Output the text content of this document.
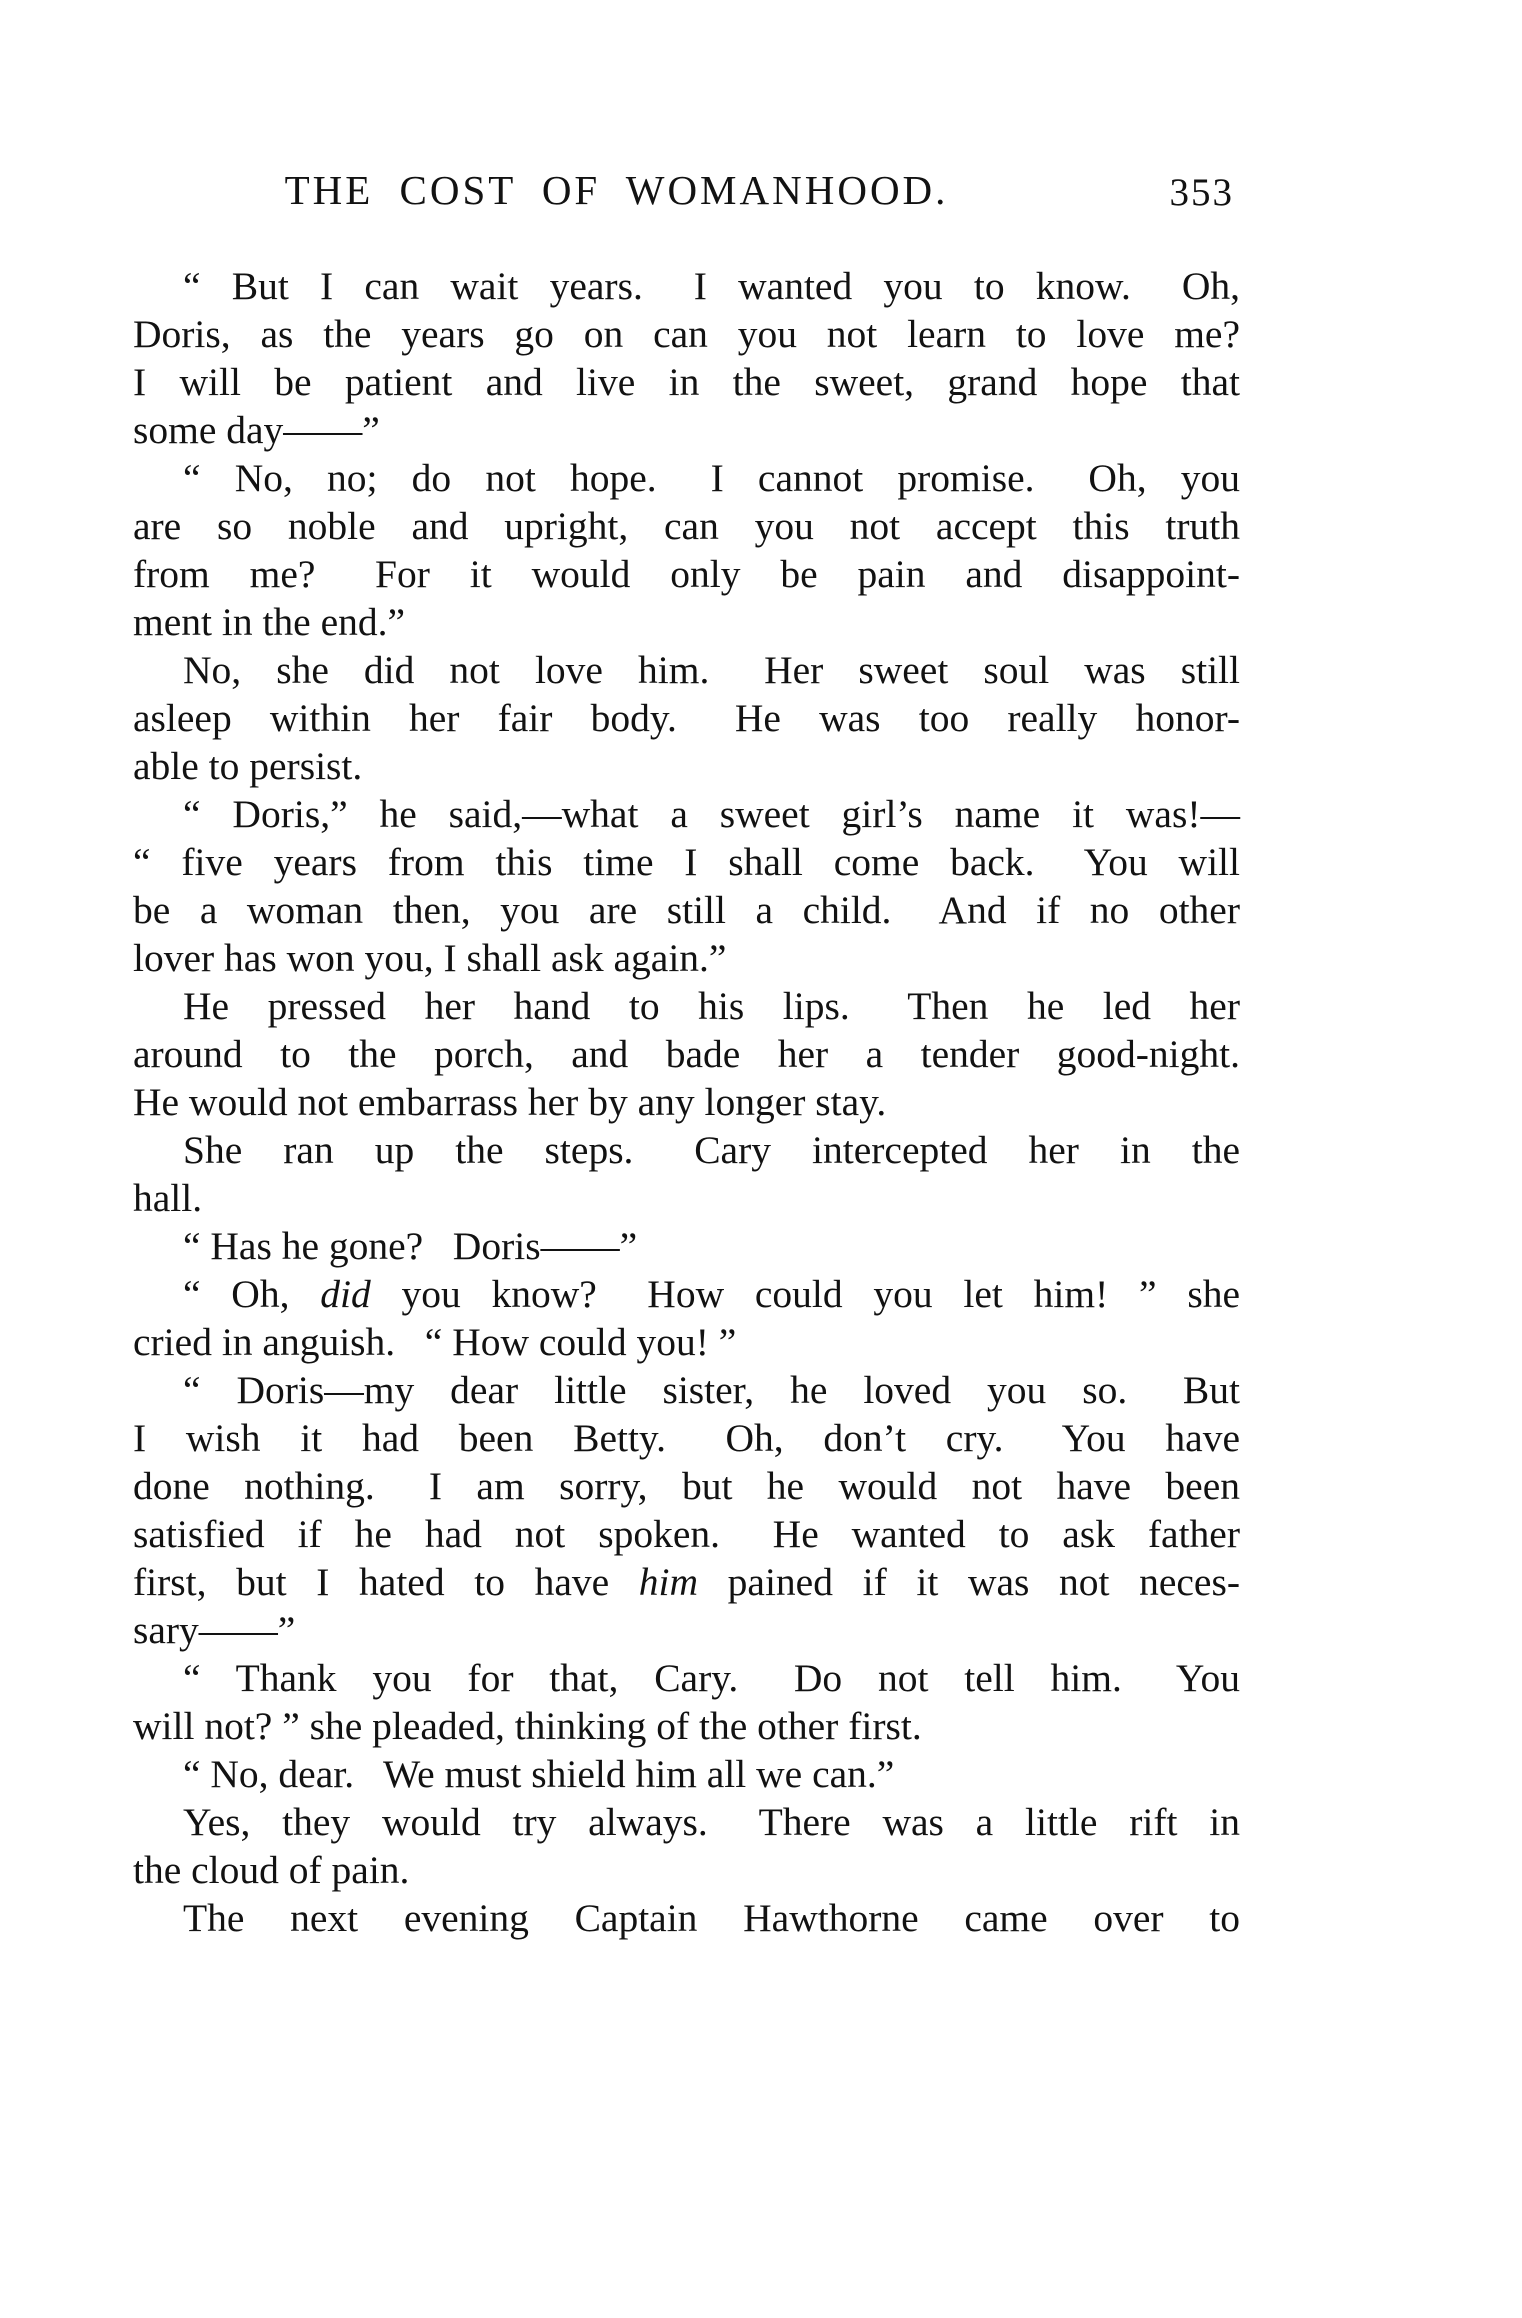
THE COST OF WOMANHOOD.	353
“ But I can wait years.  I wanted you to know.  Oh,
Doris, as the years go on can you not learn to love me?
I will be patient and live in the sweet, grand hope that
some day——”
“ No, no; do not hope.  I cannot promise.  Oh, you
are so noble and upright, can you not accept this truth
from me?  For it would only be pain and disappoint-
ment in the end.”
No, she did not love him.  Her sweet soul was still
asleep within her fair body.  He was too really honor-
able to persist.
“ Doris,” he said,—what a sweet girl’s name it was!—
“ five years from this time I shall come back.  You will
be a woman then, you are still a child.  And if no other
lover has won you, I shall ask again.”
He pressed her hand to his lips.  Then he led her
around to the porch, and bade her a tender good-night.
He would not embarrass her by any longer stay.
She ran up the steps.  Cary intercepted her in the
hall.
“ Has he gone?  Doris——”
“ Oh, did you know?  How could you let him! ” she
cried in anguish.  “ How could you! ”
“ Doris—my dear little sister, he loved you so.  But
I wish it had been Betty.  Oh, don’t cry.  You have
done nothing.  I am sorry, but he would not have been
satisfied if he had not spoken.  He wanted to ask father
first, but I hated to have him pained if it was not neces-
sary——”
“ Thank you for that, Cary.  Do not tell him.  You
will not? ” she pleaded, thinking of the other first.
“ No, dear.  We must shield him all we can.”
Yes, they would try always.  There was a little rift in
the cloud of pain.
The next evening Captain Hawthorne came over to
